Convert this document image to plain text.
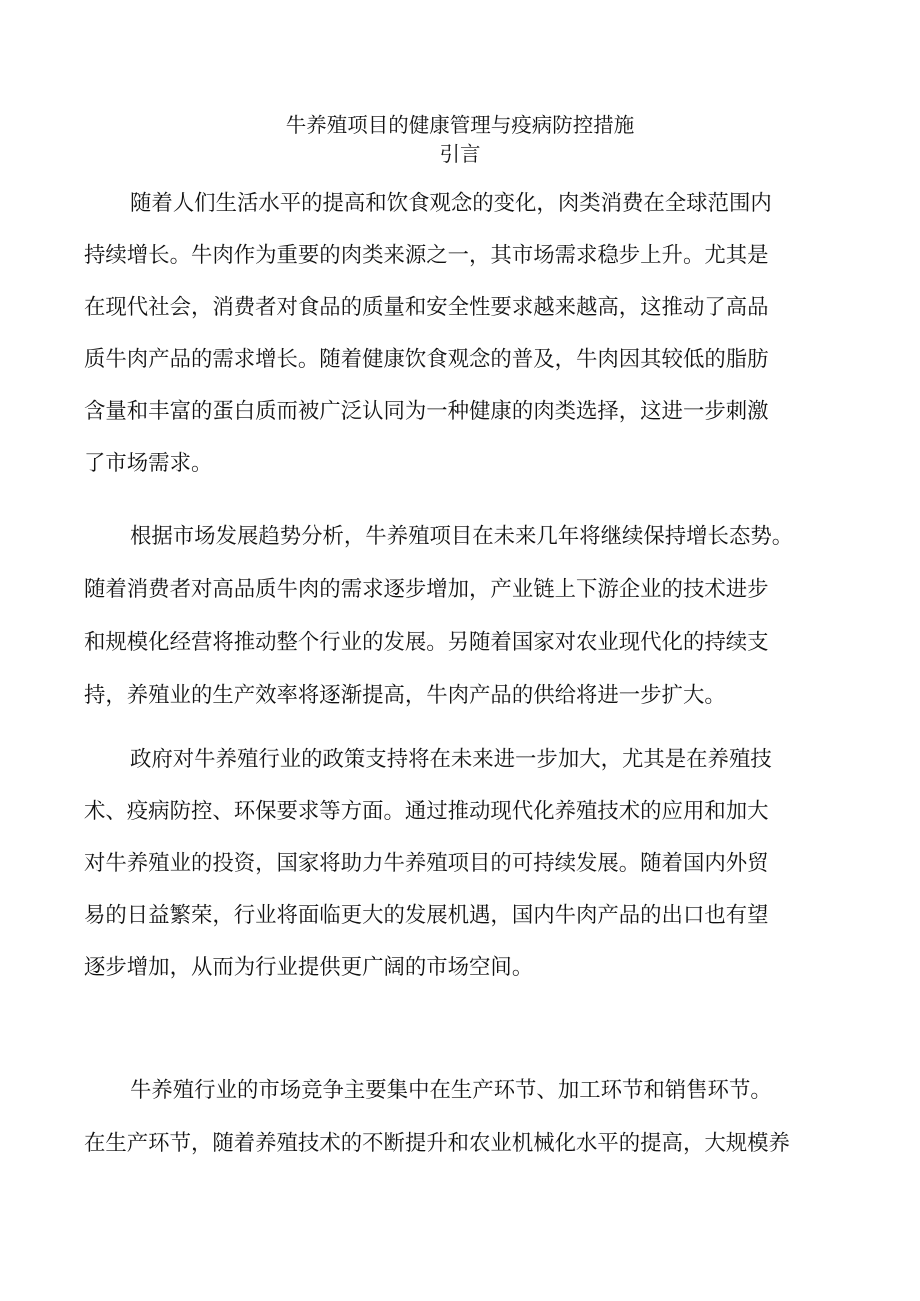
牛养殖项目的健康管理与疫病防控措施
引言
随着人们生活水平的提高和饮食观念的变化，肉类消费在全球范围内
持续增长。牛肉作为重要的肉类来源之一，其市场需求稳步上升。尤其是
在现代社会，消费者对食品的质量和安全性要求越来越高，这推动了高品
质牛肉产品的需求增长。随着健康饮食观念的普及，牛肉因其较低的脂肪
含量和丰富的蛋白质而被广泛认同为一种健康的肉类选择，这进一步刺激
了市场需求。
根据市场发展趋势分析，牛养殖项目在未来几年将继续保持增长态势。
随着消费者对高品质牛肉的需求逐步增加，产业链上下游企业的技术进步
和规模化经营将推动整个行业的发展。另随着国家对农业现代化的持续支
持，养殖业的生产效率将逐渐提高，牛肉产品的供给将进一步扩大。
政府对牛养殖行业的政策支持将在未来进一步加大，尤其是在养殖技
术、疫病防控、环保要求等方面。通过推动现代化养殖技术的应用和加大
对牛养殖业的投资，国家将助力牛养殖项目的可持续发展。随着国内外贸
易的日益繁荣，行业将面临更大的发展机遇，国内牛肉产品的出口也有望
逐步增加，从而为行业提供更广阔的市场空间。
牛养殖行业的市场竞争主要集中在生产环节、加工环节和销售环节。
在生产环节，随着养殖技术的不断提升和农业机械化水平的提高，大规模养
